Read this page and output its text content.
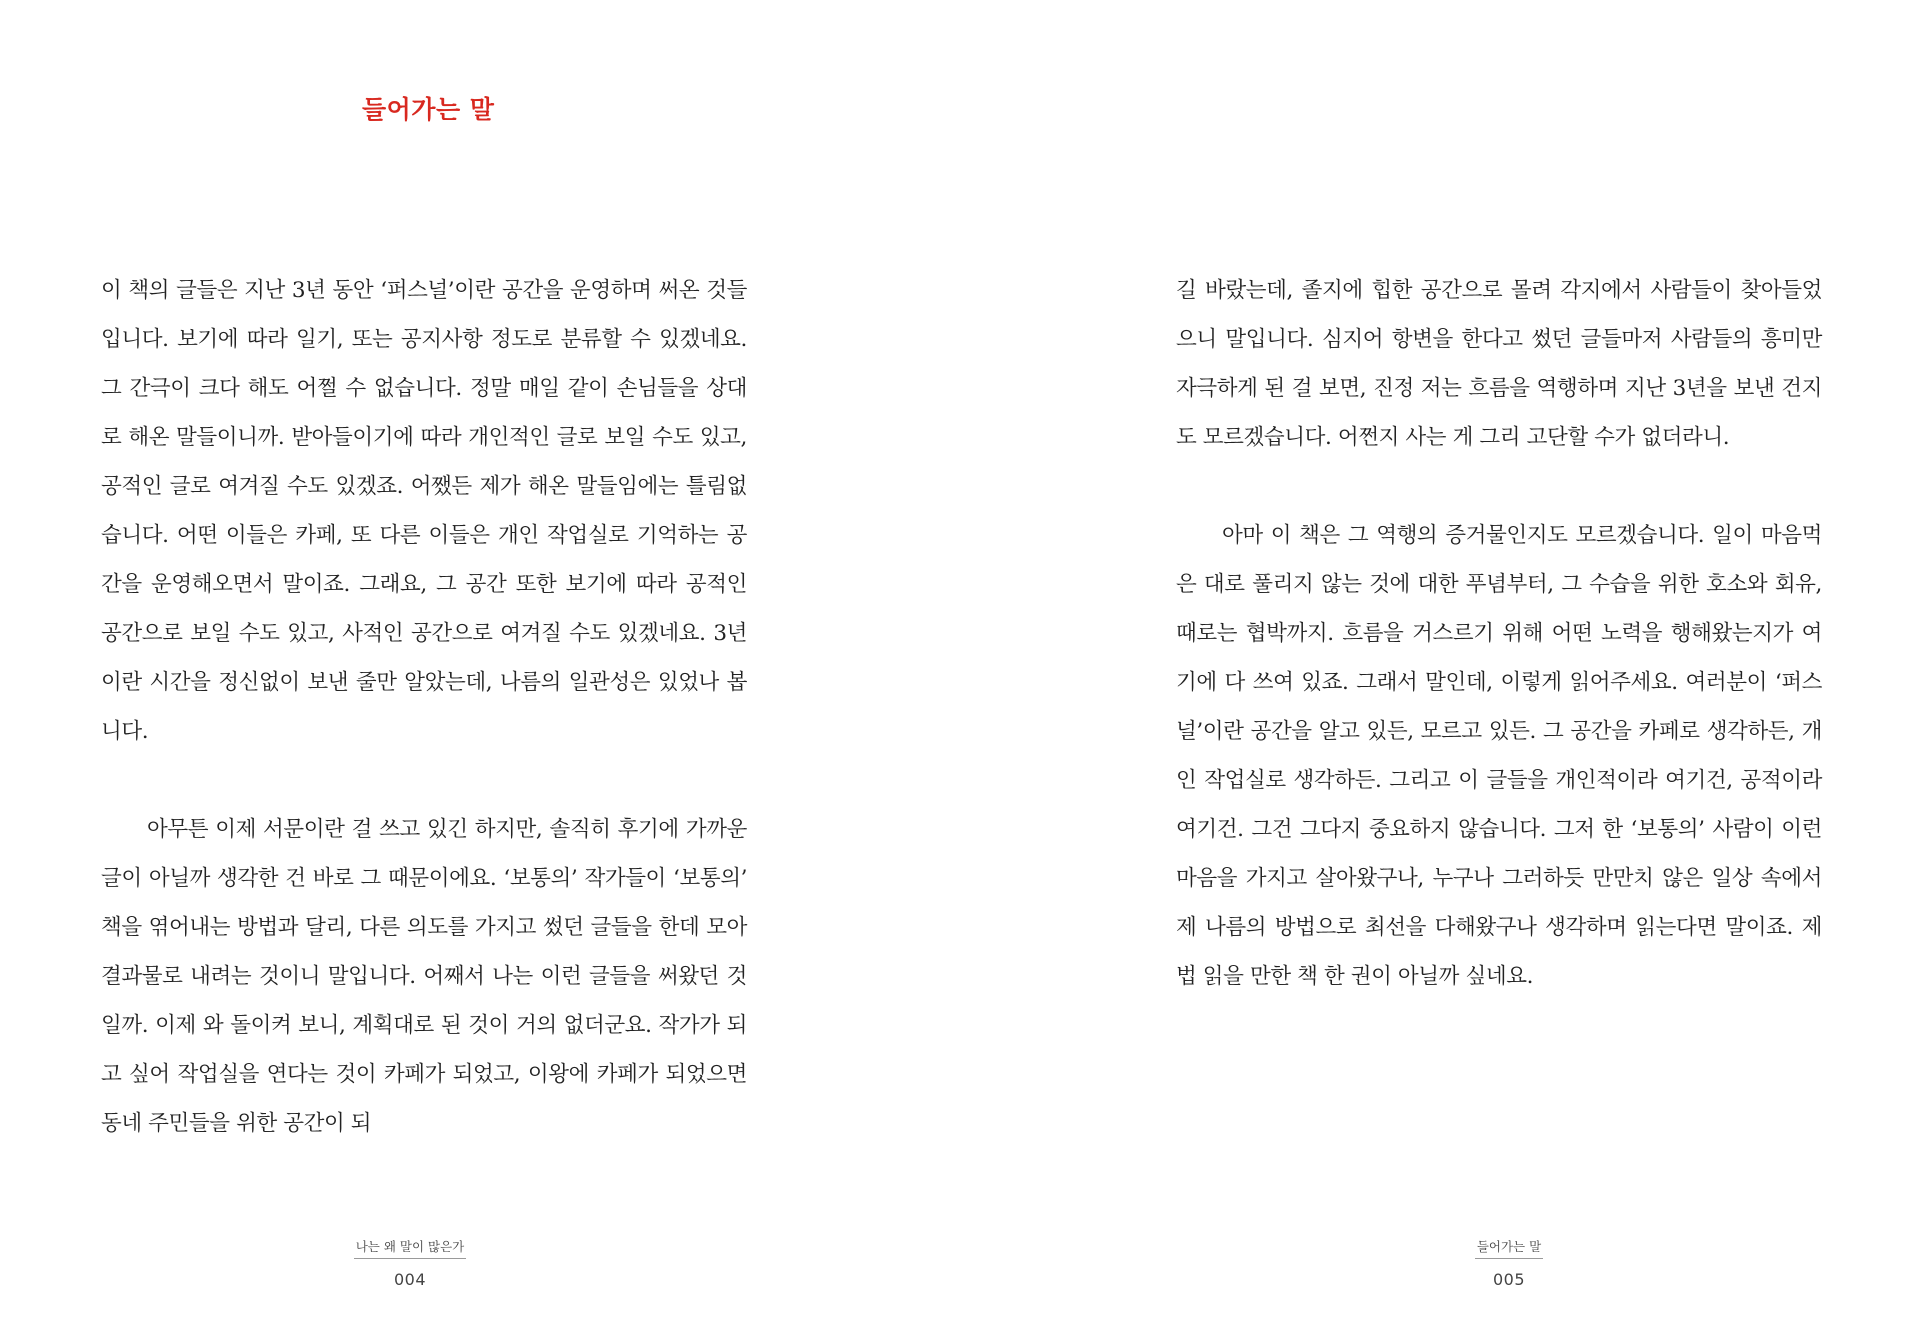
들어가는 말

이 책의 글들은 지난 3년 동안 ‘퍼스널’이란 공간을 운영하며 써온 것들입니다. 보기에 따라 일기, 또는 공지사항 정도로 분류할 수 있겠네요. 그 간극이 크다 해도 어쩔 수 없습니다. 정말 매일 같이 손님들을 상대로 해온 말들이니까. 받아들이기에 따라 개인적인 글로 보일 수도 있고, 공적인 글로 여겨질 수도 있겠죠. 어쨌든 제가 해온 말들임에는 틀림없습니다. 어떤 이들은 카페, 또 다른 이들은 개인 작업실로 기억하는 공간을 운영해오면서 말이죠. 그래요, 그 공간 또한 보기에 따라 공적인 공간으로 보일 수도 있고, 사적인 공간으로 여겨질 수도 있겠네요. 3년이란 시간을 정신없이 보낸 줄만 알았는데, 나름의 일관성은 있었나 봅니다.

아무튼 이제 서문이란 걸 쓰고 있긴 하지만, 솔직히 후기에 가까운 글이 아닐까 생각한 건 바로 그 때문이에요. ‘보통의’ 작가들이 ‘보통의’ 책을 엮어내는 방법과 달리, 다른 의도를 가지고 썼던 글들을 한데 모아 결과물로 내려는 것이니 말입니다. 어째서 나는 이런 글들을 써왔던 것일까. 이제 와 돌이켜 보니, 계획대로 된 것이 거의 없더군요. 작가가 되고 싶어 작업실을 연다는 것이 카페가 되었고, 이왕에 카페가 되었으면 동네 주민들을 위한 공간이 되

나는 왜 말이 많은가
004

길 바랐는데, 졸지에 힙한 공간으로 몰려 각지에서 사람들이 찾아들었으니 말입니다. 심지어 항변을 한다고 썼던 글들마저 사람들의 흥미만 자극하게 된 걸 보면, 진정 저는 흐름을 역행하며 지난 3년을 보낸 건지도 모르겠습니다. 어쩐지 사는 게 그리 고단할 수가 없더라니.

아마 이 책은 그 역행의 증거물인지도 모르겠습니다. 일이 마음먹은 대로 풀리지 않는 것에 대한 푸념부터, 그 수습을 위한 호소와 회유, 때로는 협박까지. 흐름을 거스르기 위해 어떤 노력을 행해왔는지가 여기에 다 쓰여 있죠. 그래서 말인데, 이렇게 읽어주세요. 여러분이 ‘퍼스널’이란 공간을 알고 있든, 모르고 있든. 그 공간을 카페로 생각하든, 개인 작업실로 생각하든. 그리고 이 글들을 개인적이라 여기건, 공적이라 여기건. 그건 그다지 중요하지 않습니다. 그저 한 ‘보통의’ 사람이 이런 마음을 가지고 살아왔구나, 누구나 그러하듯 만만치 않은 일상 속에서 제 나름의 방법으로 최선을 다해왔구나 생각하며 읽는다면 말이죠. 제법 읽을 만한 책 한 권이 아닐까 싶네요.

들어가는 말
005
